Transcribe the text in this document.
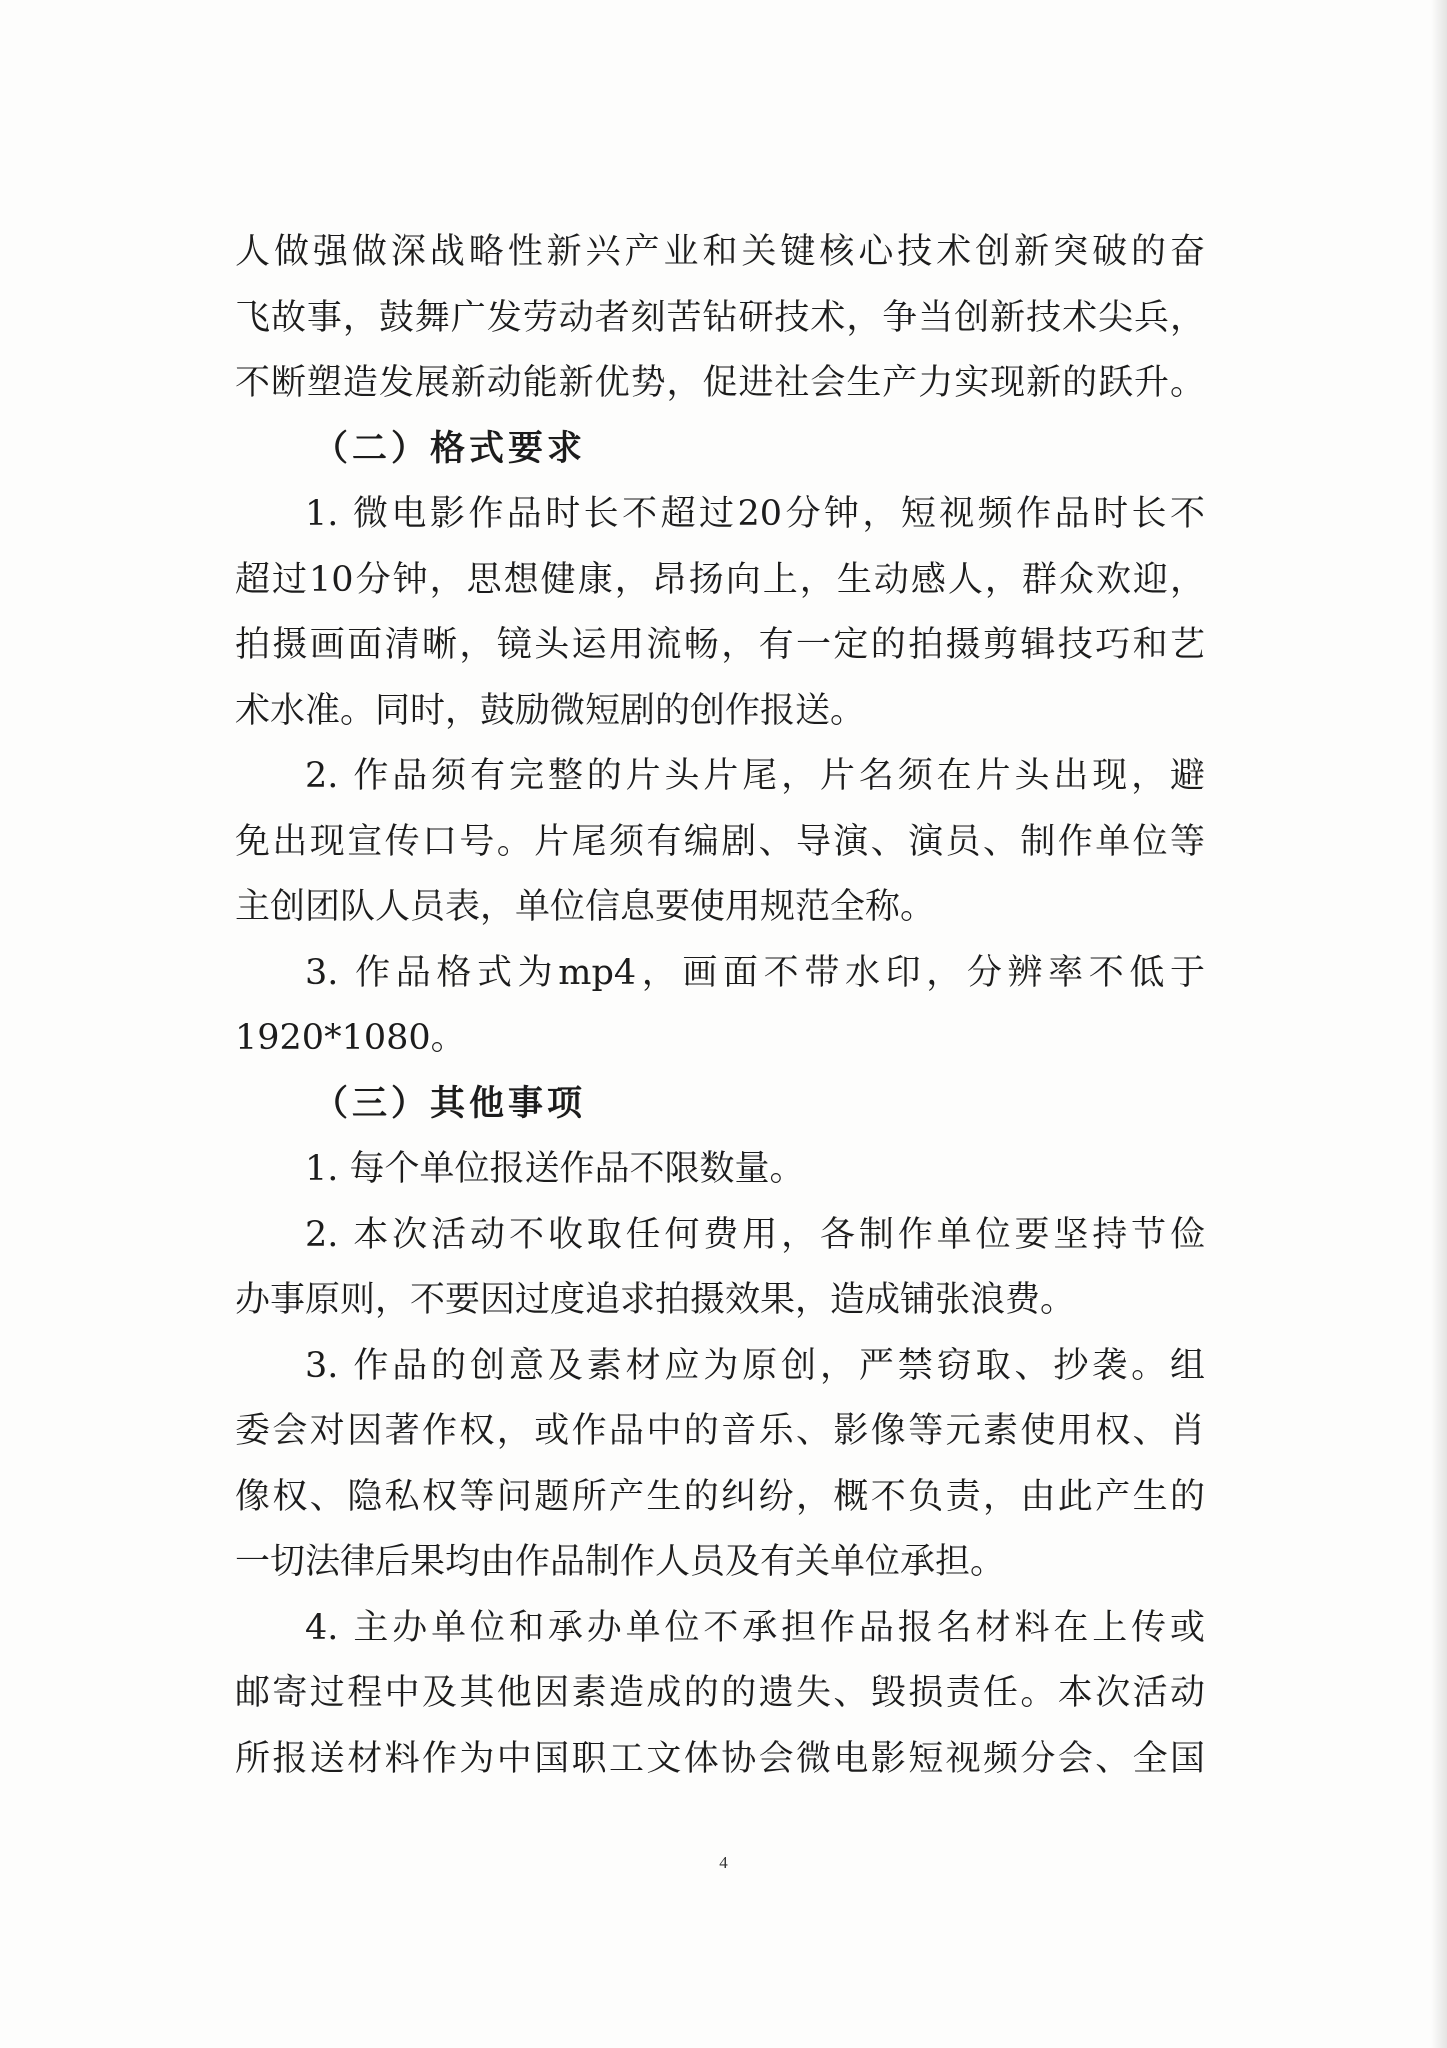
人做强做深战略性新兴产业和关键核心技术创新突破的奋
飞故事，鼓舞广发劳动者刻苦钻研技术，争当创新技术尖兵，
不断塑造发展新动能新优势，促进社会生产力实现新的跃升。
（二）格式要求
1. 微电影作品时长不超过20分钟，短视频作品时长不
超过10分钟，思想健康，昂扬向上，生动感人，群众欢迎，
拍摄画面清晰，镜头运用流畅，有一定的拍摄剪辑技巧和艺
术水准。同时，鼓励微短剧的创作报送。
2. 作品须有完整的片头片尾，片名须在片头出现，避
免出现宣传口号。片尾须有编剧、导演、演员、制作单位等
主创团队人员表，单位信息要使用规范全称。
3. 作品格式为mp4，画面不带水印，分辨率不低于
1920*1080。
（三）其他事项
1. 每个单位报送作品不限数量。
2. 本次活动不收取任何费用，各制作单位要坚持节俭
办事原则，不要因过度追求拍摄效果，造成铺张浪费。
3. 作品的创意及素材应为原创，严禁窃取、抄袭。组
委会对因著作权，或作品中的音乐、影像等元素使用权、肖
像权、隐私权等问题所产生的纠纷，概不负责，由此产生的
一切法律后果均由作品制作人员及有关单位承担。
4. 主办单位和承办单位不承担作品报名材料在上传或
邮寄过程中及其他因素造成的的遗失、毁损责任。本次活动
所报送材料作为中国职工文体协会微电影短视频分会、全国
4
